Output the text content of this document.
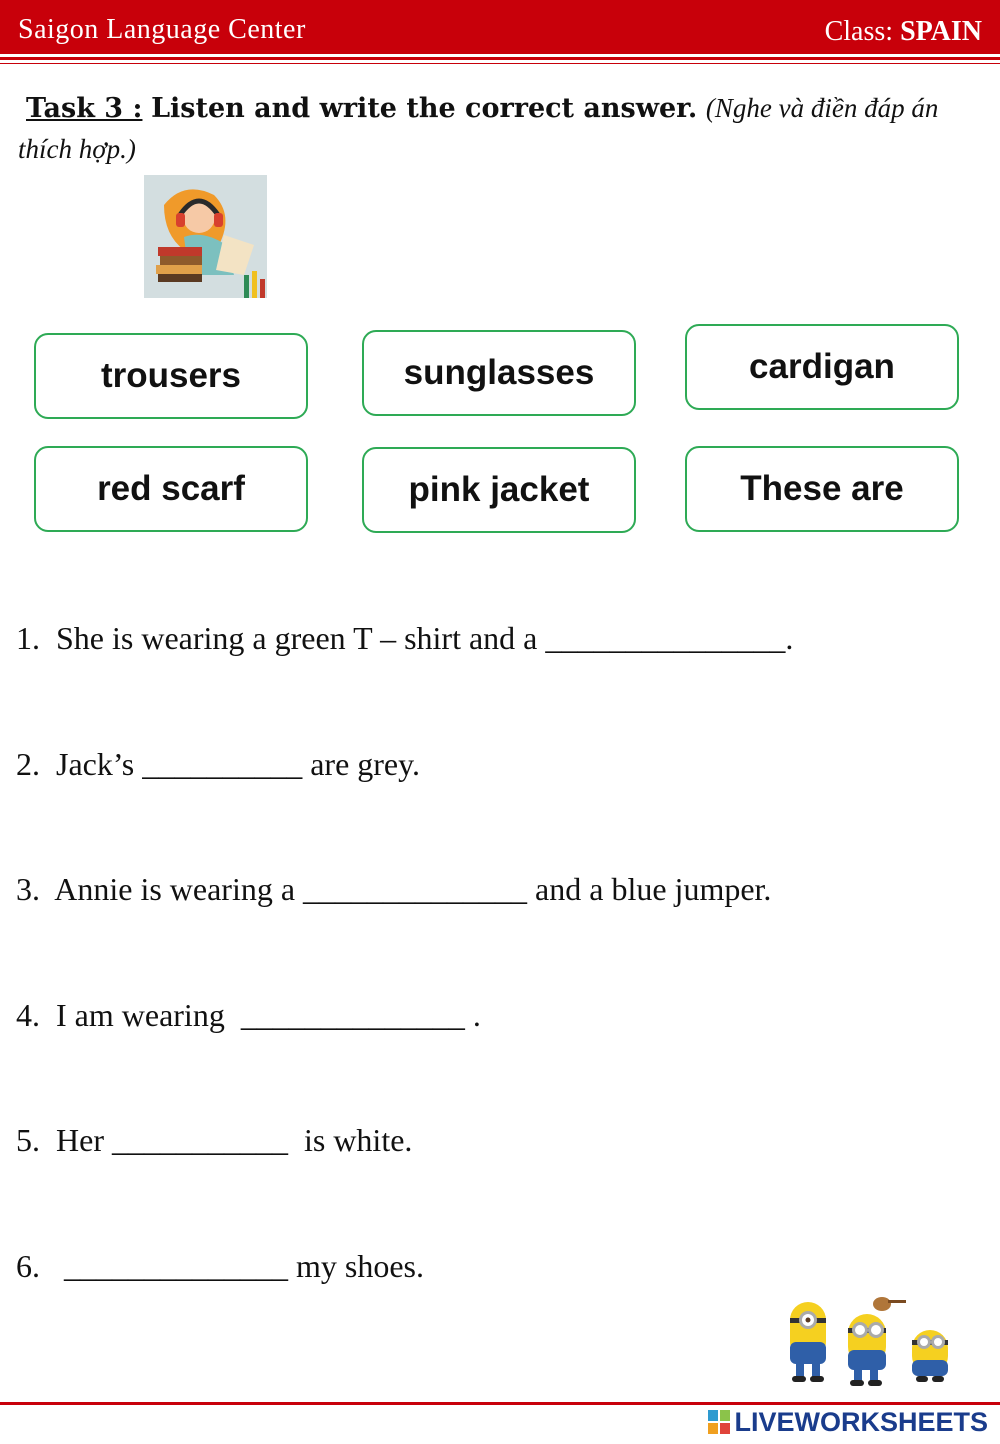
Saigon Language Center	Class: SPAIN
Task 3 : Listen and write the correct answer. (Nghe và điền đáp án thích hợp.)
trousers	sunglasses	cardigan
red scarf	pink jacket	These are
1.  She is wearing a green T – shirt and a _______________.
2.  Jack’s __________ are grey.
3.  Annie is wearing a ______________ and a blue jumper.
4.  I am wearing  ______________ .
5.  Her ___________  is white.
6.   ______________ my shoes.
LIVEWORKSHEETS
